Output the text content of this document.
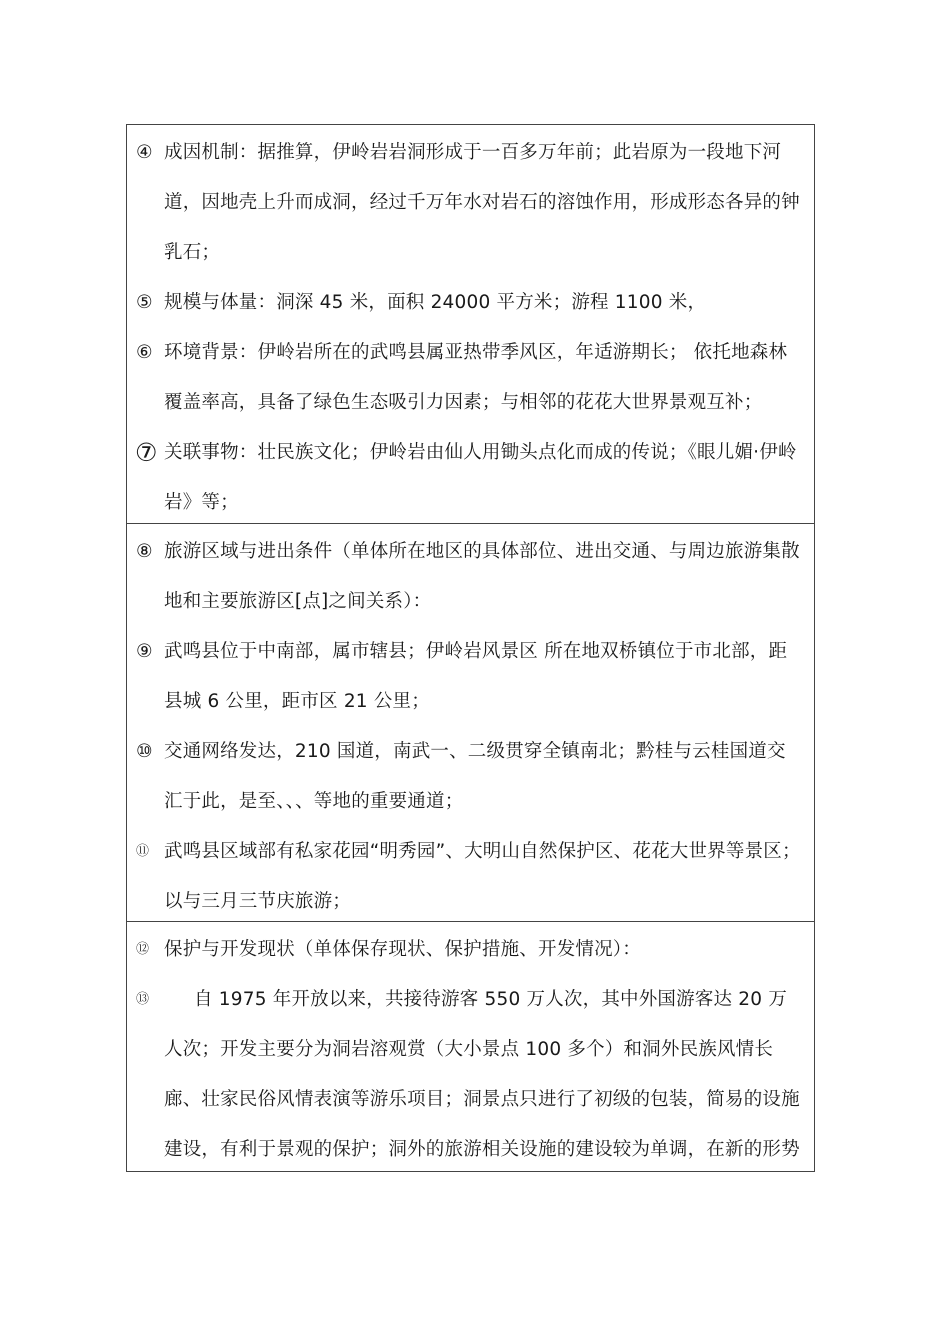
④ 成因机制：据推算，伊岭岩岩洞形成于一百多万年前；此岩原为一段地下河道，因地壳上升而成洞，经过千万年水对岩石的溶蚀作用，形成形态各异的钟乳石；
⑤ 规模与体量：洞深 45 米，面积 24000 平方米；游程 1100 米，
⑥ 环境背景：伊岭岩所在的武鸣县属亚热带季风区，年适游期长； 依托地森林覆盖率高，具备了绿色生态吸引力因素；与相邻的花花大世界景观互补；
⑦ 关联事物：壮民族文化；伊岭岩由仙人用锄头点化而成的传说；《眼儿媚·伊岭岩》等；
⑧ 旅游区域与进出条件（单体所在地区的具体部位、进出交通、与周边旅游集散地和主要旅游区[点]之间关系）：
⑨ 武鸣县位于中南部，属市辖县；伊岭岩风景区 所在地双桥镇位于市北部，距县城 6 公里，距市区 21 公里；
⑩ 交通网络发达，210 国道，南武一、二级贯穿全镇南北；黔桂与云桂国道交汇于此，是至、、、等地的重要通道；
⑪ 武鸣县区域部有私家花园“明秀园”、大明山自然保护区、花花大世界等景区；以与三月三节庆旅游；
⑫ 保护与开发现状（单体保存现状、保护措施、开发情况）：
⑬	自 1975 年开放以来，共接待游客 550 万人次，其中外国游客达 20 万人次；开发主要分为洞岩溶观赏（大小景点 100 多个）和洞外民族风情长廊、壮家民俗风情表演等游乐项目；洞景点只进行了初级的包装，简易的设施建设，有利于景观的保护；洞外的旅游相关设施的建设较为单调，在新的形势
